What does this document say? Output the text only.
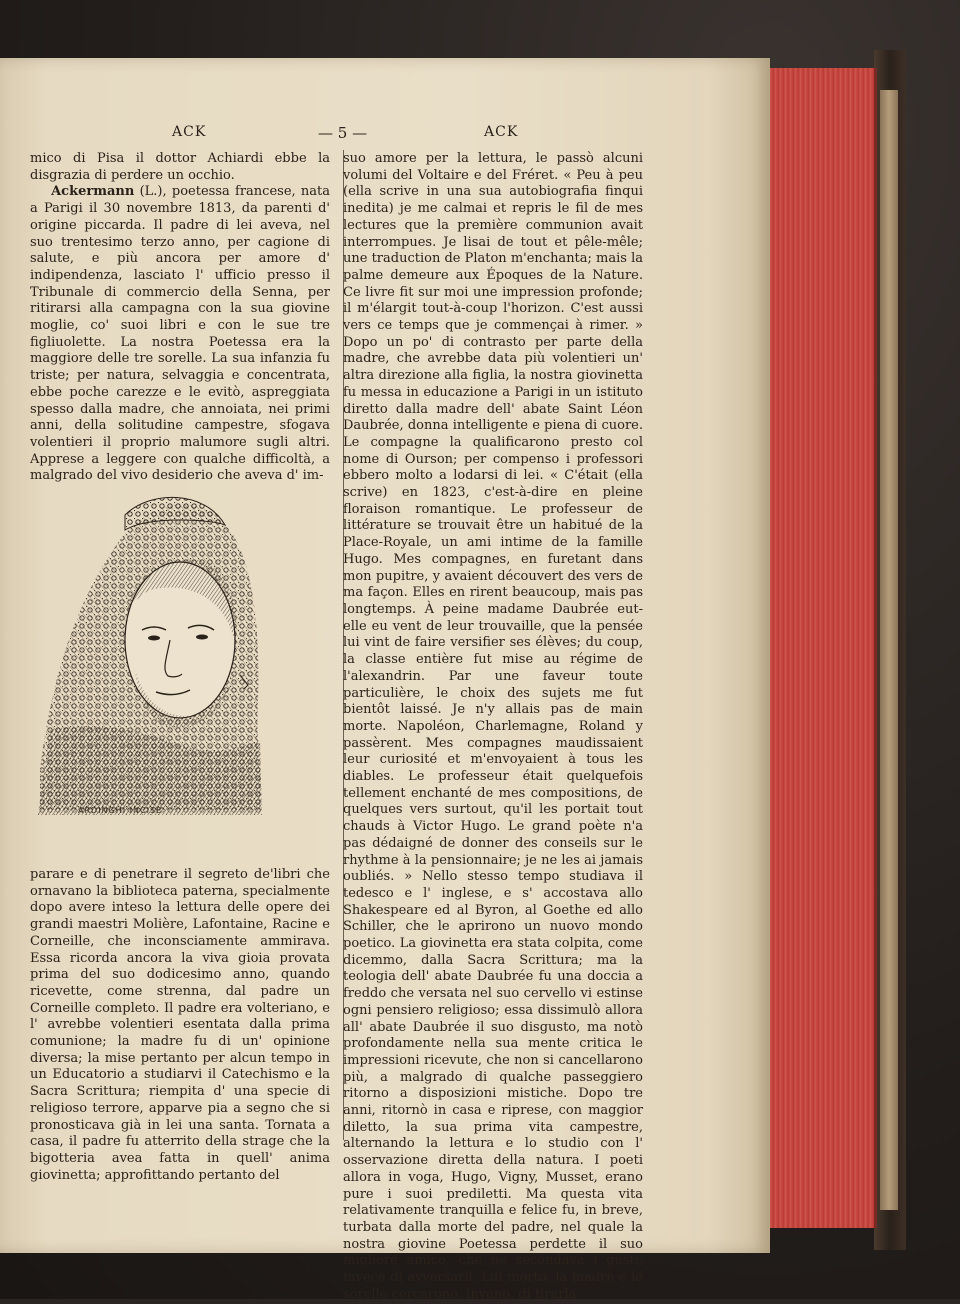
ACK	— 5 —	ACK
mico di Pisa il dottor Achiardi ebbe la disgrazia di perdere un occhio.
Ackermann (L.), poetessa francese, nata a Parigi il 30 novembre 1813, da parenti d' origine piccarda. Il padre di lei aveva, nel suo trentesimo terzo anno, per cagione di salute, e più ancora per amore d' indipendenza, lasciato l' ufficio presso il Tribunale di commercio della Senna, per ritirarsi alla campagna con la sua giovine moglie, co' suoi libri e con le sue tre figliuolette. La nostra Poetessa era la maggiore delle tre sorelle. La sua infanzia fu triste; per natura, selvaggia e concentrata, ebbe poche carezze e le evitò, aspreggiata spesso dalla madre, che annoiata, nei primi anni, della solitudine campestre, sfogava volentieri il proprio malumore sugli altri. Apprese a leggere con qualche difficoltà, a malgrado del vivo desiderio che aveva d' im-
ARDINGHI INCISE
parare e di penetrare il segreto de'libri che ornavano la biblioteca paterna, specialmente dopo avere inteso la lettura delle opere dei grandi maestri Molière, Lafontaine, Racine e Corneille, che inconsciamente ammirava. Essa ricorda ancora la viva gioia provata prima del suo dodicesimo anno, quando ricevette, come strenna, dal padre un Corneille completo. Il padre era volteriano, e l' avrebbe volentieri esentata dalla prima comunione; la madre fu di un' opinione diversa; la mise pertanto per alcun tempo in un Educatorio a studiarvi il Catechismo e la Sacra Scrittura; riempita d' una specie di religioso terrore, apparve pia a segno che si pronosticava già in lei una santa. Tornata a casa, il padre fu atterrito della strage che la bigotteria avea fatta in quell' anima giovinetta; approfittando pertanto del
suo amore per la lettura, le passò alcuni volumi del Voltaire e del Fréret. « Peu à peu (ella scrive in una sua autobiografia finqui inedita) je me calmai et repris le fil de mes lectures que la première communion avait interrompues. Je lisai de tout et pêle-mêle; une traduction de Platon m'enchanta; mais la palme demeure aux Époques de la Nature. Ce livre fit sur moi une impression profonde; il m'élargit tout-à-coup l'horizon. C'est aussi vers ce temps que je commençai à rimer. » Dopo un po' di contrasto per parte della madre, che avrebbe data più volentieri un' altra direzione alla figlia, la nostra giovinetta fu messa in educazione a Parigi in un istituto diretto dalla madre dell' abate Saint Léon Daubrée, donna intelligente e piena di cuore. Le compagne la qualificarono presto col nome di Ourson; per compenso i professori ebbero molto a lodarsi di lei. « C'était (ella scrive) en 1823, c'est-à-dire en pleine floraison romantique. Le professeur de littérature se trouvait être un habitué de la Place-Royale, un ami intime de la famille Hugo. Mes compagnes, en furetant dans mon pupitre, y avaient découvert des vers de ma façon. Elles en rirent beaucoup, mais pas longtemps. À peine madame Daubrée eut-elle eu vent de leur trouvaille, que la pensée lui vint de faire versifier ses élèves; du coup, la classe entière fut mise au régime de l'alexandrin. Par une faveur toute particulière, le choix des sujets me fut bientôt laissé. Je n'y allais pas de main morte. Napoléon, Charlemagne, Roland y passèrent. Mes compagnes maudissaient leur curiosité et m'envoyaient à tous les diables. Le professeur était quelquefois tellement enchanté de mes compositions, de quelques vers surtout, qu'il les portait tout chauds à Victor Hugo. Le grand poète n'a pas dédaigné de donner des conseils sur le rhythme à la pensionnaire; je ne les ai jamais oubliés. » Nello stesso tempo studiava il tedesco e l' inglese, e s' accostava allo Shakespeare ed al Byron, al Goethe ed allo Schiller, che le aprirono un nuovo mondo poetico. La giovinetta era stata colpita, come dicemmo, dalla Sacra Scrittura; ma la teologia dell' abate Daubrée fu una doccia a freddo che versata nel suo cervello vi estinse ogni pensiero religioso; essa dissimulò allora all' abate Daubrée il suo disgusto, ma notò profondamente nella sua mente critica le impressioni ricevute, che non si cancellarono più, a malgrado di qualche passeggiero ritorno a disposizioni mistiche. Dopo tre anni, ritornò in casa e riprese, con maggior diletto, la sua prima vita campestre, alternando la lettura e lo studio con l' osservazione diretta della natura. I poeti allora in voga, Hugo, Vigny, Musset, erano pure i suoi prediletti. Ma questa vita relativamente tranquilla e felice fu, in breve, turbata dalla morte del padre, nel quale la nostra giovine Poetessa perdette il suo migliore amico, che ne secondava i gusti, invece di avversarli. Lui morto, la madre e le sorelle cercarono, invano, di tirarla
